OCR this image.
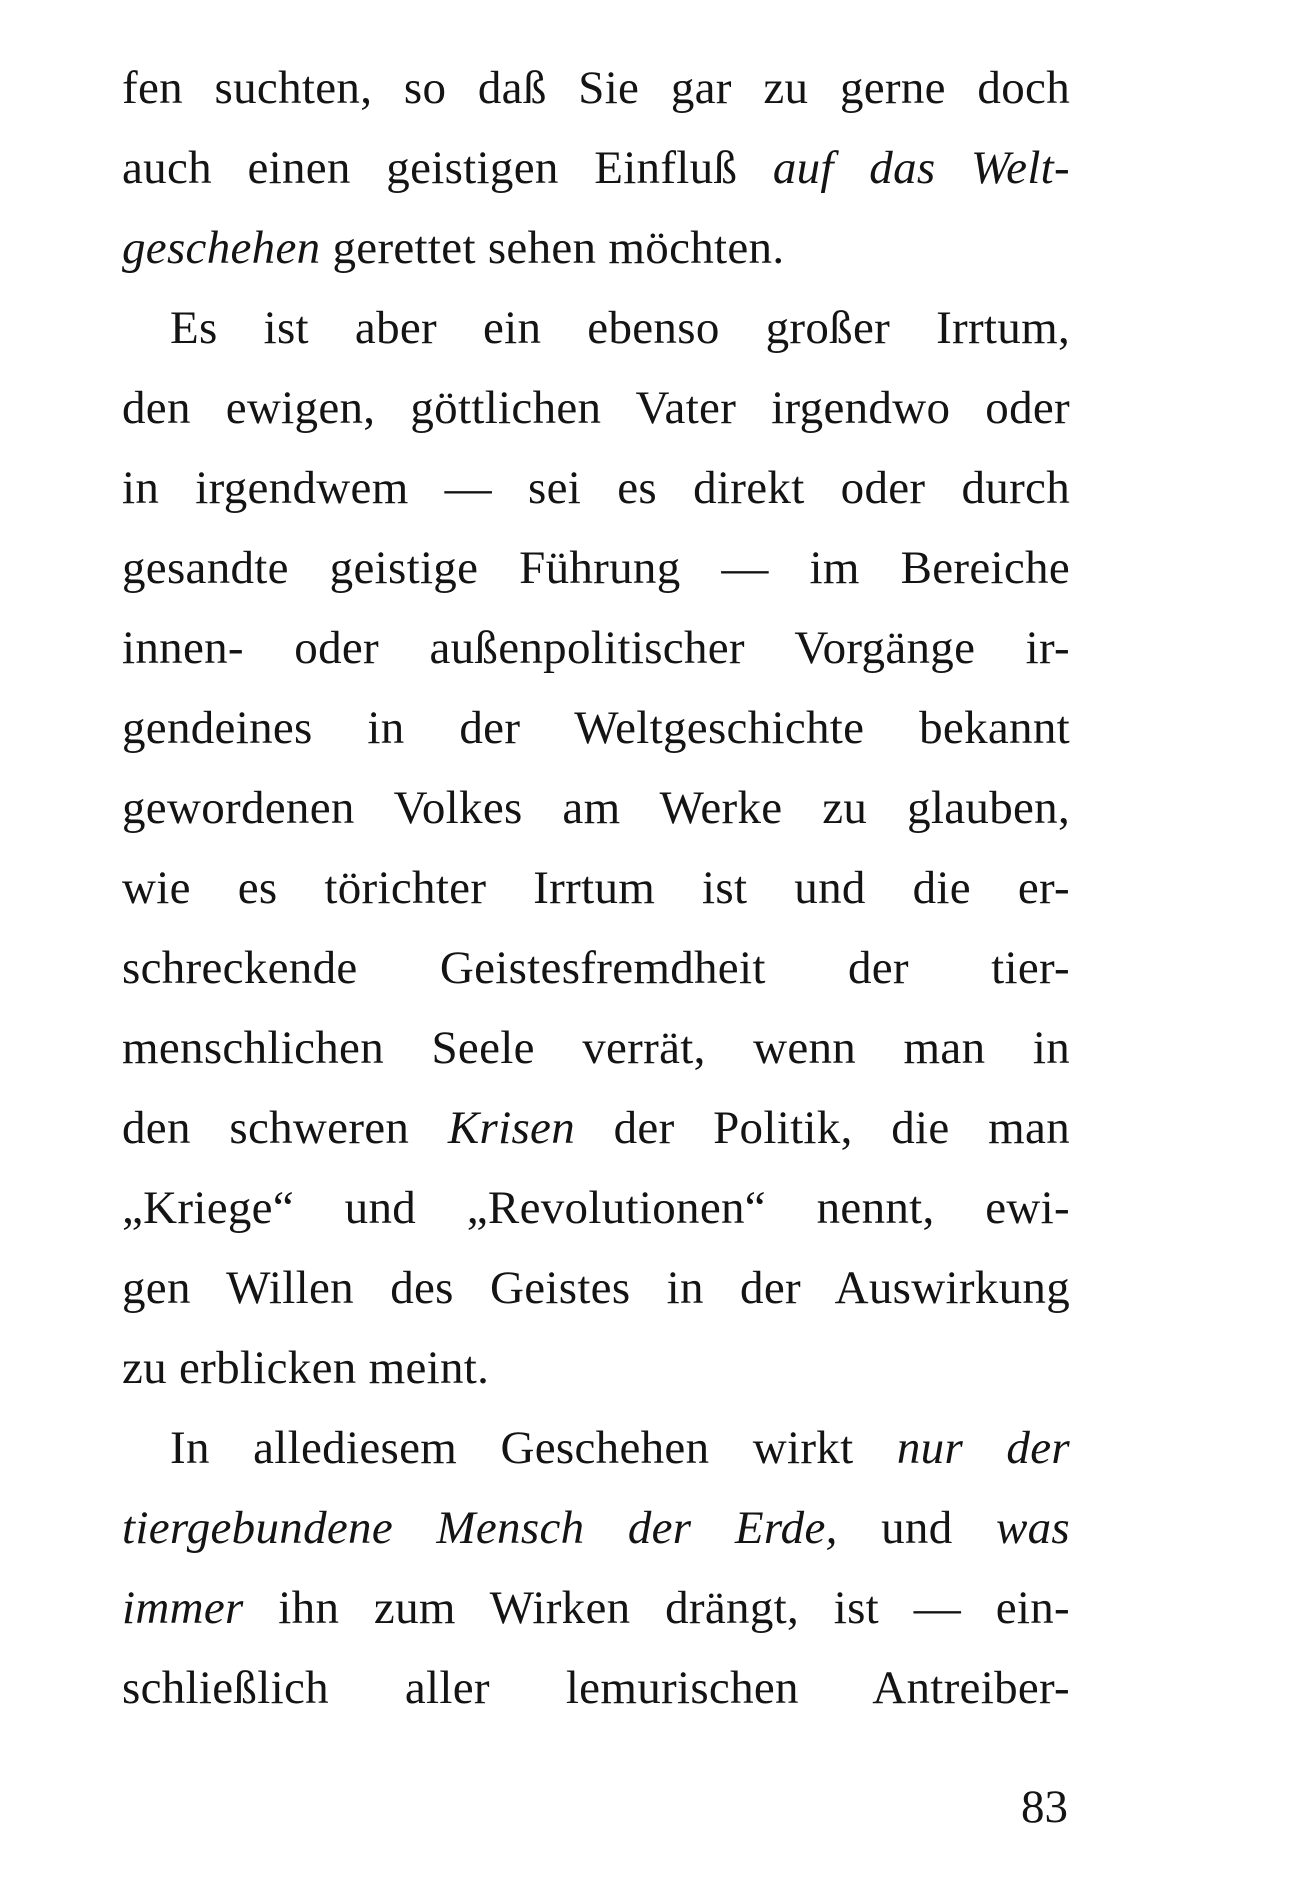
fen suchten, so daß Sie gar zu gerne doch
auch einen geistigen Einfluß auf das Welt-
geschehen gerettet sehen möchten.
Es ist aber ein ebenso großer Irrtum,
den ewigen, göttlichen Vater irgendwo oder
in irgendwem — sei es direkt oder durch
gesandte geistige Führung — im Bereiche
innen- oder außenpolitischer Vorgänge ir-
gendeines in der Weltgeschichte bekannt
gewordenen Volkes am Werke zu glauben,
wie es törichter Irrtum ist und die er-
schreckende Geistesfremdheit der tier-
menschlichen Seele verrät, wenn man in
den schweren Krisen der Politik, die man
„Kriege“ und „Revolutionen“ nennt, ewi-
gen Willen des Geistes in der Auswirkung
zu erblicken meint.
In allediesem Geschehen wirkt nur der
tiergebundene Mensch der Erde, und was
immer ihn zum Wirken drängt, ist — ein-
schließlich aller lemurischen Antreiber-
83
